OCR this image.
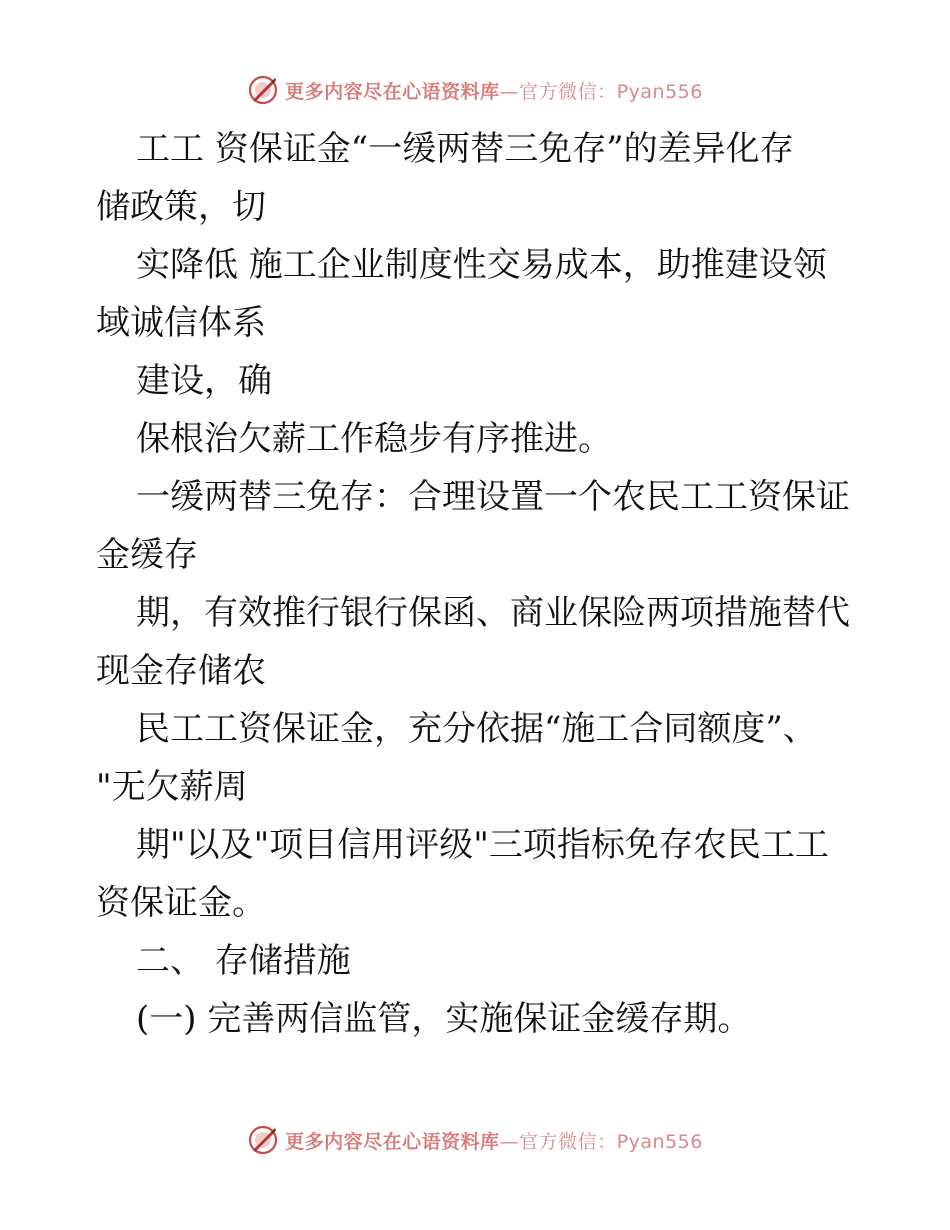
更多内容尽在心语资料库—官方微信：Pyan556
工工 资保证金“一缓两替三免存”的差异化存
储政策，切
实降低 施工企业制度性交易成本，助推建设领
域诚信体系
建设，确
保根治欠薪工作稳步有序推进。
一缓两替三免存：合理设置一个农民工工资保证
金缓存
期，有效推行银行保函、商业保险两项措施替代
现金存储农
民工工资保证金，充分依据“施工合同额度”、
"无欠薪周
期"以及"项目信用评级"三项指标免存农民工工
资保证金。
二、 存储措施
(一) 完善两信监管，实施保证金缓存期。
更多内容尽在心语资料库—官方微信：Pyan556
